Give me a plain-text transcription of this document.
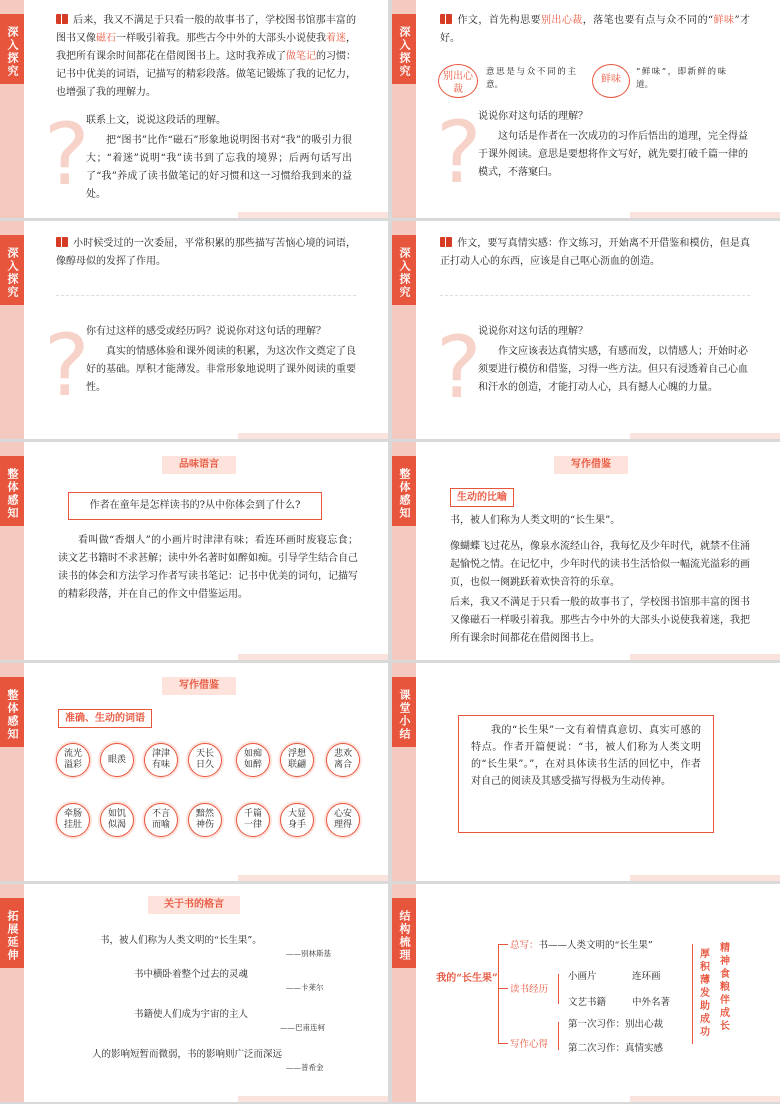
深入探究
后来，我又不满足于只看一般的故事书了，学校图书馆那丰富的图书又像磁石一样吸引着我。那些古今中外的大部头小说使我着迷，我把所有课余时间都花在借阅图书上。这时我养成了做笔记的习惯：记书中优美的词语，记描写的精彩段落。做笔记锻炼了我的记忆力，也增强了我的理解力。
?
联系上文，说说这段话的理解。
把“图书”比作“磁石”形象地说明图书对“我”的吸引力很大；“着迷”说明“我”读书到了忘我的境界；后两句话写出了“我”养成了读书做笔记的好习惯和这一习惯给我到来的益处。
深入探究
作文，首先构思要别出心裁，落笔也要有点与众不同的“鲜味”才好。
别出心裁
意思是与众不同的主意。	鲜味
“鲜味”，即新鲜的味道。
?
说说你对这句话的理解？
这句话是作者在一次成功的习作后悟出的道理，完全得益于课外阅读。意思是要想将作文写好，就先要打破千篇一律的模式，不落窠臼。
深入探究
小时候受过的一次委屈，平常积累的那些描写苦恼心境的词语，像醇母似的发挥了作用。
?
你有过这样的感受或经历吗？说说你对这句话的理解？
真实的情感体验和课外阅读的积累，为这次作文奠定了良好的基础。厚积才能薄发。非常形象地说明了课外阅读的重要性。
深入探究
作文，要写真情实感：作文练习，开始离不开借鉴和模仿，但是真正打动人心的东西，应该是自己呕心沥血的创造。
?
说说你对这句话的理解？
作文应该表达真情实感，有感而发，以情感人；开始时必须要进行模仿和借鉴，习得一些方法。但只有浸透着自己心血和汗水的创造，才能打动人心，具有撼人心魄的力量。
整体感知
品味语言
作者在童年是怎样读书的?从中你体会到了什么?
看叫做“香烟人”的小画片时津津有味；看连环画时废寝忘食；读文艺书籍时不求甚解；读中外名著时如醉如痴。引导学生结合自己读书的体会和方法学习作者写读书笔记：记书中优美的词句，记描写的精彩段落，并在自己的作文中借鉴运用。
整体感知
写作借鉴
生动的比喻
书，被人们称为人类文明的“长生果”。
像蝴蝶飞过花丛，像泉水流经山谷，我每忆及少年时代，就禁不住涌起愉悦之情。在记忆中，少年时代的读书生活恰似一幅流光溢彩的画页，也似一阕跳跃着欢快音符的乐章。
后来，我又不满足于只看一般的故事书了，学校图书馆那丰富的图书又像磁石一样吸引着我。那些古今中外的大部头小说使我着迷，我把所有课余时间都花在借阅图书上。
整体感知
写作借鉴
准确、生动的词语
流光
溢彩	眼羡
津津
有味
天长
日久
如痴
如醉
浮想
联翩
悲欢
离合
牵肠
挂肚
如饥
似渴
不言
而喻
黯然
神伤
千篇
一律
大显
身手
心安
理得
课堂小结	我的“长生果”一文有着情真意切、真实可感的特点。作者开篇便说：“书，被人们称为人类文明的“长生果”。”，在对具体读书生活的回忆中，作者对自己的阅读及其感受描写得极为生动传神。
拓展延伸
关于书的格言
书，被人们称为人类文明的“长生果”。
——别林斯基
书中横卧着整个过去的灵魂
——卡莱尔
书籍使人们成为宇宙的主人
——巴甫连柯
人的影响短暂而微弱，书的影响则广泛而深远
——普希金
结构梳理
我的“长生果”
总写：书——人类文明的“长生果”
读书经历
小画片	连环画
文艺书籍	中外名著
写作心得
第一次习作：别出心裁
第二次习作：真情实感
厚积薄发助成功
精神食粮伴成长
